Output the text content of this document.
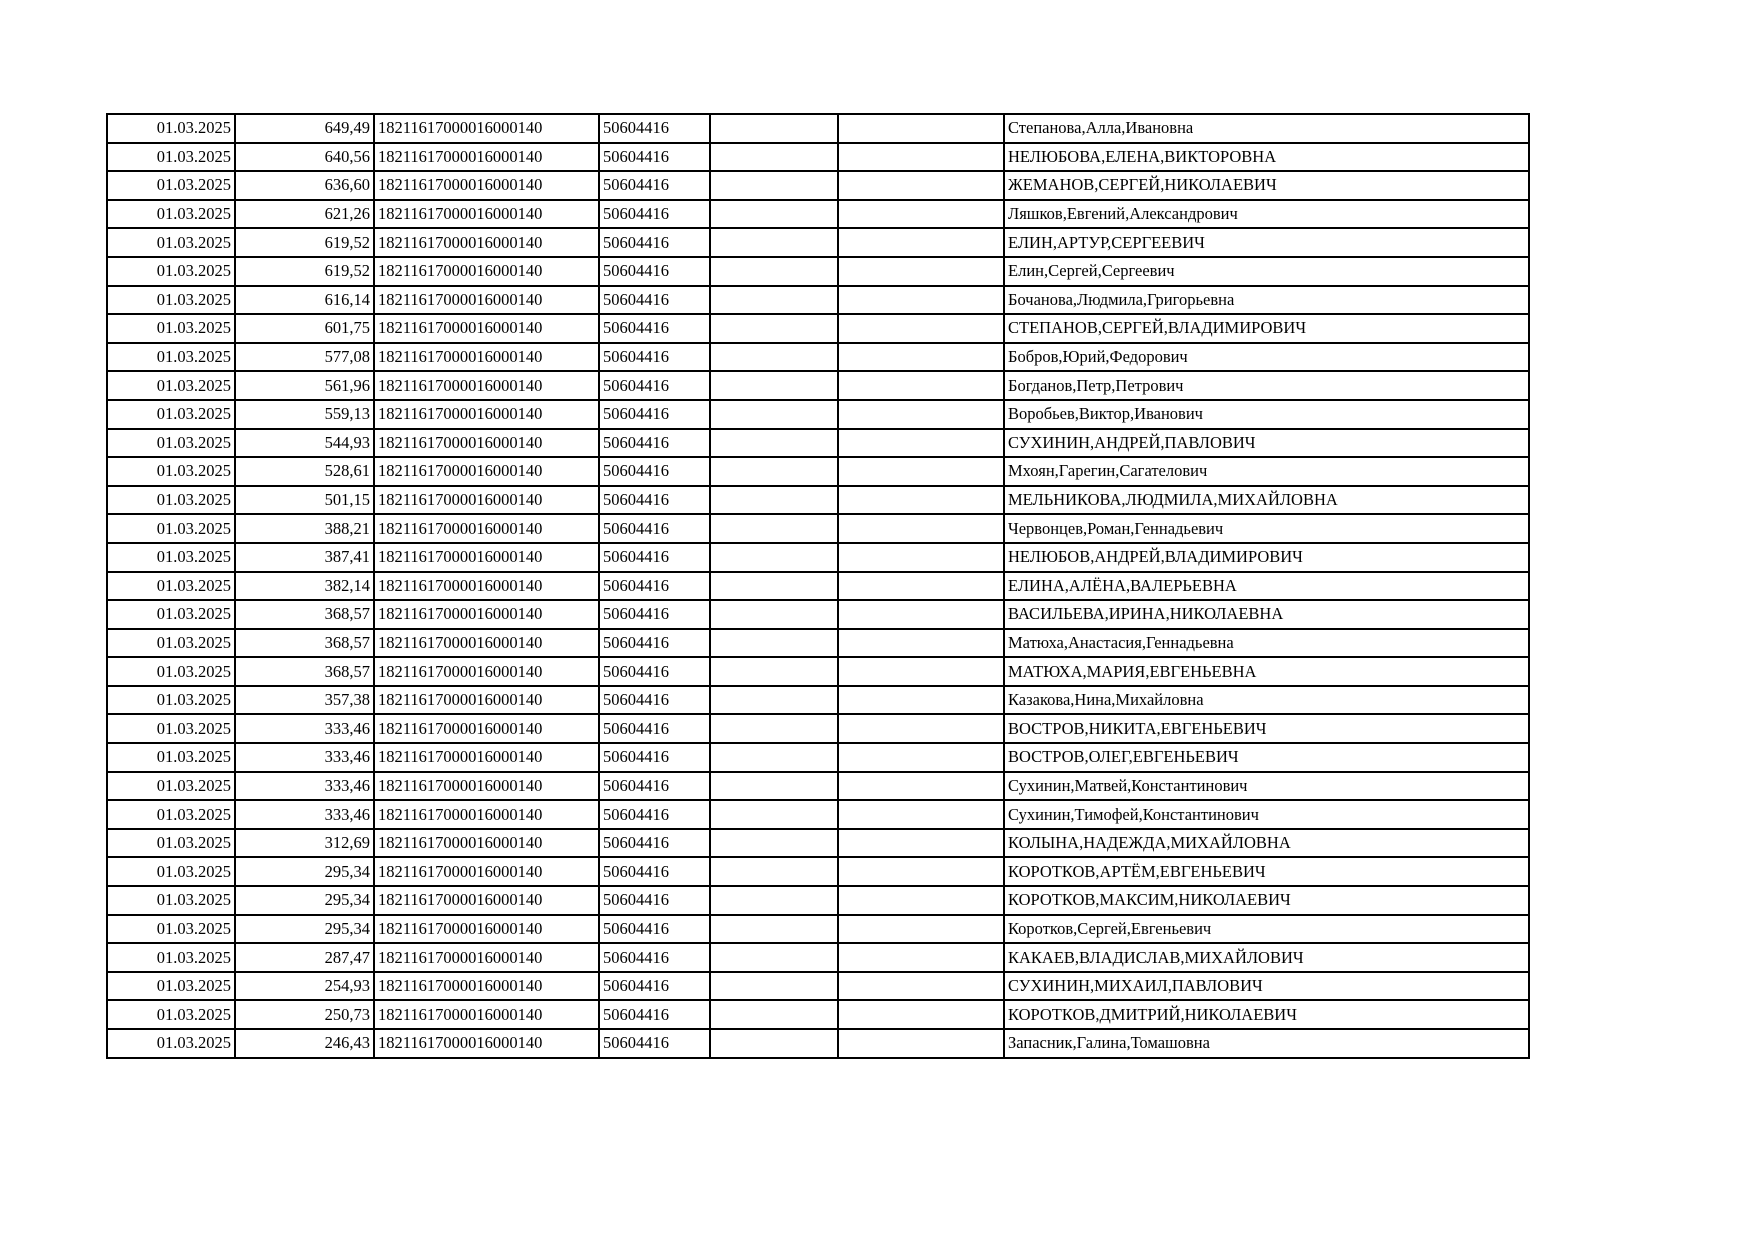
01.03.2025	649,49	18211617000016000140	50604416			Степанова,Алла,Ивановна
01.03.2025	640,56	18211617000016000140	50604416			НЕЛЮБОВА,ЕЛЕНА,ВИКТОРОВНА
01.03.2025	636,60	18211617000016000140	50604416			ЖЕМАНОВ,СЕРГЕЙ,НИКОЛАЕВИЧ
01.03.2025	621,26	18211617000016000140	50604416			Ляшков,Евгений,Александрович
01.03.2025	619,52	18211617000016000140	50604416			ЕЛИН,АРТУР,СЕРГЕЕВИЧ
01.03.2025	619,52	18211617000016000140	50604416			Елин,Сергей,Сергеевич
01.03.2025	616,14	18211617000016000140	50604416			Бочанова,Людмила,Григорьевна
01.03.2025	601,75	18211617000016000140	50604416			СТЕПАНОВ,СЕРГЕЙ,ВЛАДИМИРОВИЧ
01.03.2025	577,08	18211617000016000140	50604416			Бобров,Юрий,Федорович
01.03.2025	561,96	18211617000016000140	50604416			Богданов,Петр,Петрович
01.03.2025	559,13	18211617000016000140	50604416			Воробьев,Виктор,Иванович
01.03.2025	544,93	18211617000016000140	50604416			СУХИНИН,АНДРЕЙ,ПАВЛОВИЧ
01.03.2025	528,61	18211617000016000140	50604416			Мхоян,Гарегин,Сагателович
01.03.2025	501,15	18211617000016000140	50604416			МЕЛЬНИКОВА,ЛЮДМИЛА,МИХАЙЛОВНА
01.03.2025	388,21	18211617000016000140	50604416			Червонцев,Роман,Геннадьевич
01.03.2025	387,41	18211617000016000140	50604416			НЕЛЮБОВ,АНДРЕЙ,ВЛАДИМИРОВИЧ
01.03.2025	382,14	18211617000016000140	50604416			ЕЛИНА,АЛЁНА,ВАЛЕРЬЕВНА
01.03.2025	368,57	18211617000016000140	50604416			ВАСИЛЬЕВА,ИРИНА,НИКОЛАЕВНА
01.03.2025	368,57	18211617000016000140	50604416			Матюха,Анастасия,Геннадьевна
01.03.2025	368,57	18211617000016000140	50604416			МАТЮХА,МАРИЯ,ЕВГЕНЬЕВНА
01.03.2025	357,38	18211617000016000140	50604416			Казакова,Нина,Михайловна
01.03.2025	333,46	18211617000016000140	50604416			ВОСТРОВ,НИКИТА,ЕВГЕНЬЕВИЧ
01.03.2025	333,46	18211617000016000140	50604416			ВОСТРОВ,ОЛЕГ,ЕВГЕНЬЕВИЧ
01.03.2025	333,46	18211617000016000140	50604416			Сухинин,Матвей,Константинович
01.03.2025	333,46	18211617000016000140	50604416			Сухинин,Тимофей,Константинович
01.03.2025	312,69	18211617000016000140	50604416			КОЛЫНА,НАДЕЖДА,МИХАЙЛОВНА
01.03.2025	295,34	18211617000016000140	50604416			КОРОТКОВ,АРТЁМ,ЕВГЕНЬЕВИЧ
01.03.2025	295,34	18211617000016000140	50604416			КОРОТКОВ,МАКСИМ,НИКОЛАЕВИЧ
01.03.2025	295,34	18211617000016000140	50604416			Коротков,Сергей,Евгеньевич
01.03.2025	287,47	18211617000016000140	50604416			КАКАЕВ,ВЛАДИСЛАВ,МИХАЙЛОВИЧ
01.03.2025	254,93	18211617000016000140	50604416			СУХИНИН,МИХАИЛ,ПАВЛОВИЧ
01.03.2025	250,73	18211617000016000140	50604416			КОРОТКОВ,ДМИТРИЙ,НИКОЛАЕВИЧ
01.03.2025	246,43	18211617000016000140	50604416			Запасник,Галина,Томашовна
